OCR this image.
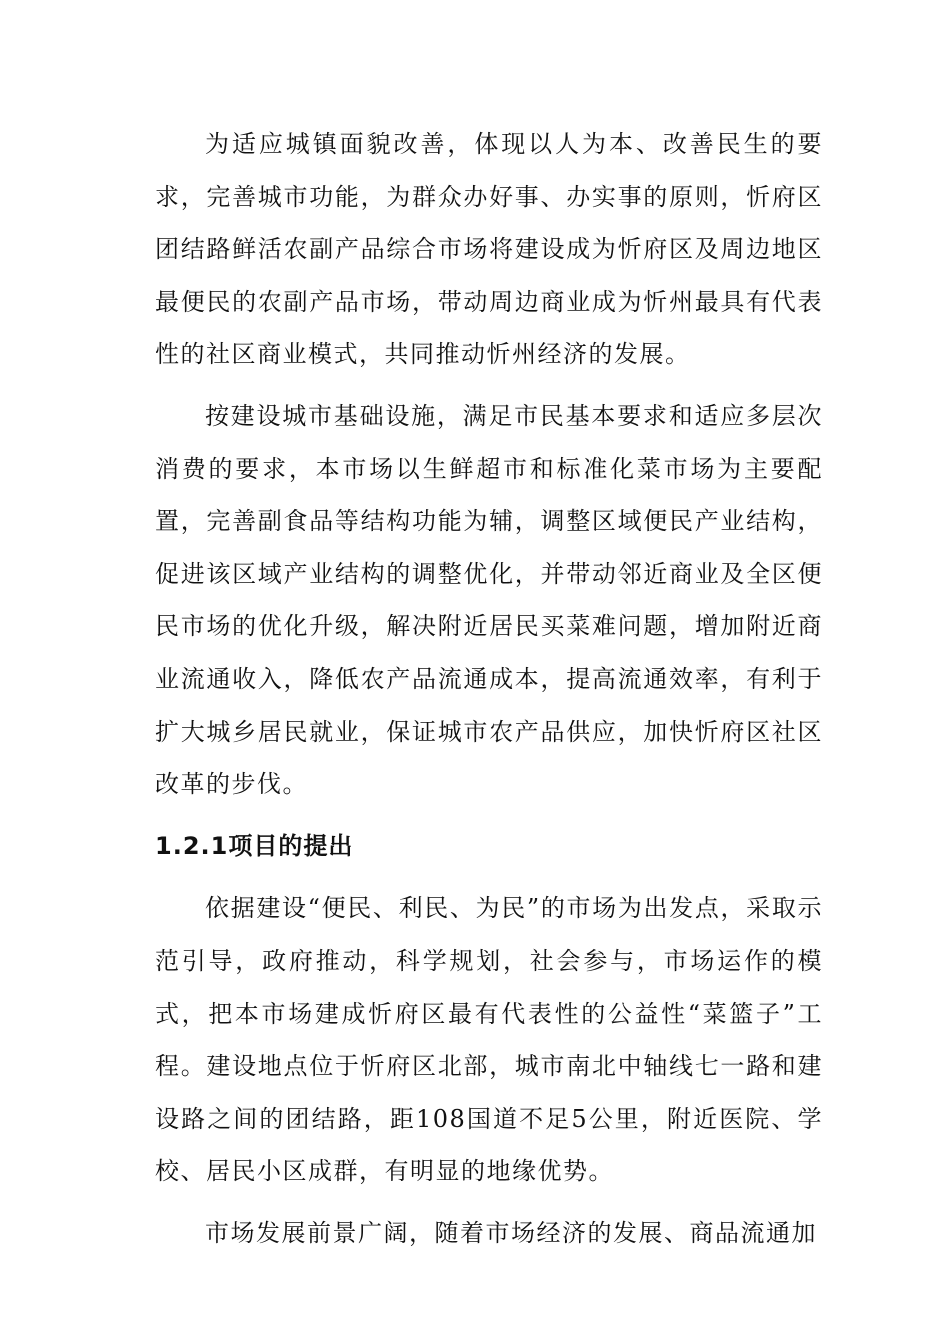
为适应城镇面貌改善，体现以人为本、改善民生的要求，完善城市功能，为群众办好事、办实事的原则，忻府区团结路鲜活农副产品综合市场将建设成为忻府区及周边地区最便民的农副产品市场，带动周边商业成为忻州最具有代表性的社区商业模式，共同推动忻州经济的发展。

按建设城市基础设施，满足市民基本要求和适应多层次消费的要求，本市场以生鲜超市和标准化菜市场为主要配置，完善副食品等结构功能为辅，调整区域便民产业结构，促进该区域产业结构的调整优化，并带动邻近商业及全区便民市场的优化升级，解决附近居民买菜难问题，增加附近商业流通收入，降低农产品流通成本，提高流通效率，有利于扩大城乡居民就业，保证城市农产品供应，加快忻府区社区改革的步伐。

1.2.1项目的提出

依据建设“便民、利民、为民”的市场为出发点，采取示范引导，政府推动，科学规划，社会参与，市场运作的模式，把本市场建成忻府区最有代表性的公益性“菜篮子”工程。建设地点位于忻府区北部，城市南北中轴线七一路和建设路之间的团结路，距108国道不足5公里，附近医院、学校、居民小区成群，有明显的地缘优势。

市场发展前景广阔，随着市场经济的发展、商品流通加
